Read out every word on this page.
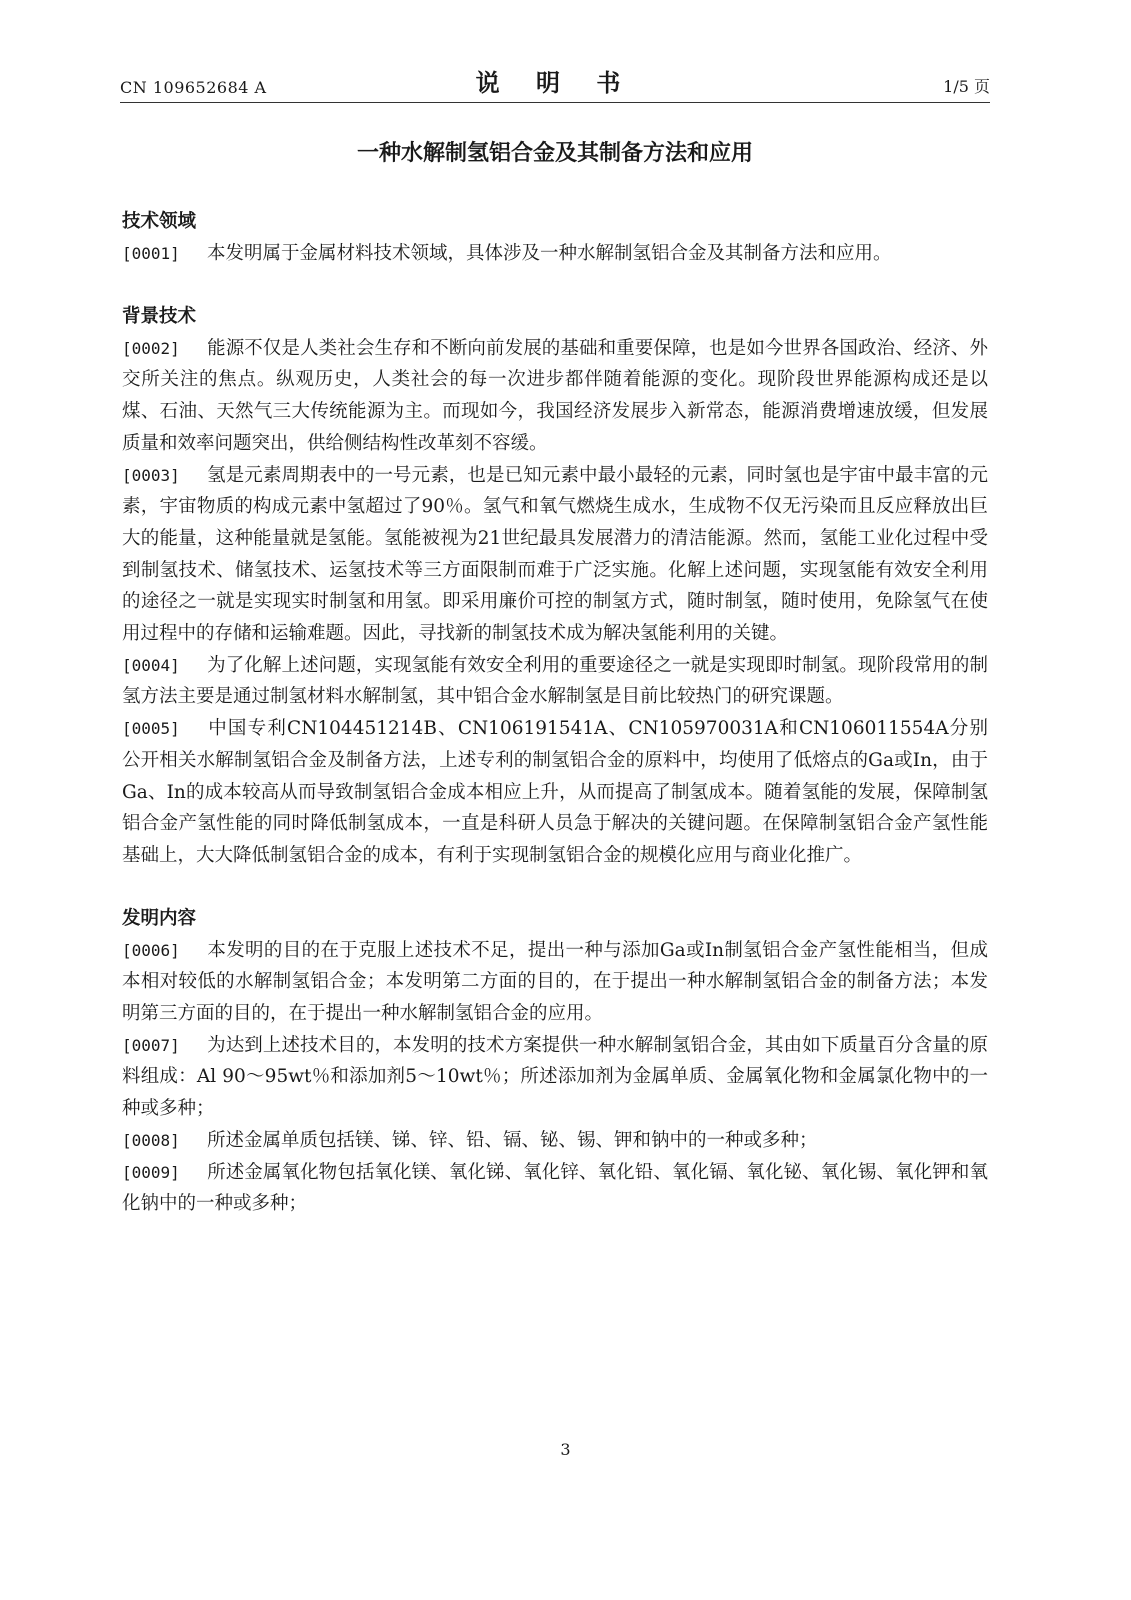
CN 109652684 A	说 明 书	1/5 页
一种水解制氢铝合金及其制备方法和应用
技术领域

[0001] 本发明属于金属材料技术领域，具体涉及一种水解制氢铝合金及其制备方法和应用。

背景技术

[0002] 能源不仅是人类社会生存和不断向前发展的基础和重要保障，也是如今世界各国政治、经济、外交所关注的焦点。纵观历史，人类社会的每一次进步都伴随着能源的变化。现阶段世界能源构成还是以煤、石油、天然气三大传统能源为主。而现如今，我国经济发展步入新常态，能源消费增速放缓，但发展质量和效率问题突出，供给侧结构性改革刻不容缓。

[0003] 氢是元素周期表中的一号元素，也是已知元素中最小最轻的元素，同时氢也是宇宙中最丰富的元素，宇宙物质的构成元素中氢超过了90％。氢气和氧气燃烧生成水，生成物不仅无污染而且反应释放出巨大的能量，这种能量就是氢能。氢能被视为21世纪最具发展潜力的清洁能源。然而，氢能工业化过程中受到制氢技术、储氢技术、运氢技术等三方面限制而难于广泛实施。化解上述问题，实现氢能有效安全利用的途径之一就是实现实时制氢和用氢。即采用廉价可控的制氢方式，随时制氢，随时使用，免除氢气在使用过程中的存储和运输难题。因此，寻找新的制氢技术成为解决氢能利用的关键。

[0004] 为了化解上述问题，实现氢能有效安全利用的重要途径之一就是实现即时制氢。现阶段常用的制氢方法主要是通过制氢材料水解制氢，其中铝合金水解制氢是目前比较热门的研究课题。

[0005] 中国专利CN104451214B、CN106191541A、CN105970031A和CN106011554A分别公开相关水解制氢铝合金及制备方法，上述专利的制氢铝合金的原料中，均使用了低熔点的Ga或In，由于Ga、In的成本较高从而导致制氢铝合金成本相应上升，从而提高了制氢成本。随着氢能的发展，保障制氢铝合金产氢性能的同时降低制氢成本，一直是科研人员急于解决的关键问题。在保障制氢铝合金产氢性能基础上，大大降低制氢铝合金的成本，有利于实现制氢铝合金的规模化应用与商业化推广。

发明内容

[0006] 本发明的目的在于克服上述技术不足，提出一种与添加Ga或In制氢铝合金产氢性能相当，但成本相对较低的水解制氢铝合金；本发明第二方面的目的，在于提出一种水解制氢铝合金的制备方法；本发明第三方面的目的，在于提出一种水解制氢铝合金的应用。

[0007] 为达到上述技术目的，本发明的技术方案提供一种水解制氢铝合金，其由如下质量百分含量的原料组成：Al 90～95wt％和添加剂5～10wt％；所述添加剂为金属单质、金属氧化物和金属氯化物中的一种或多种；

[0008] 所述金属单质包括镁、锑、锌、铅、镉、铋、锡、钾和钠中的一种或多种；

[0009] 所述金属氧化物包括氧化镁、氧化锑、氧化锌、氧化铅、氧化镉、氧化铋、氧化锡、氧化钾和氧化钠中的一种或多种；

3
